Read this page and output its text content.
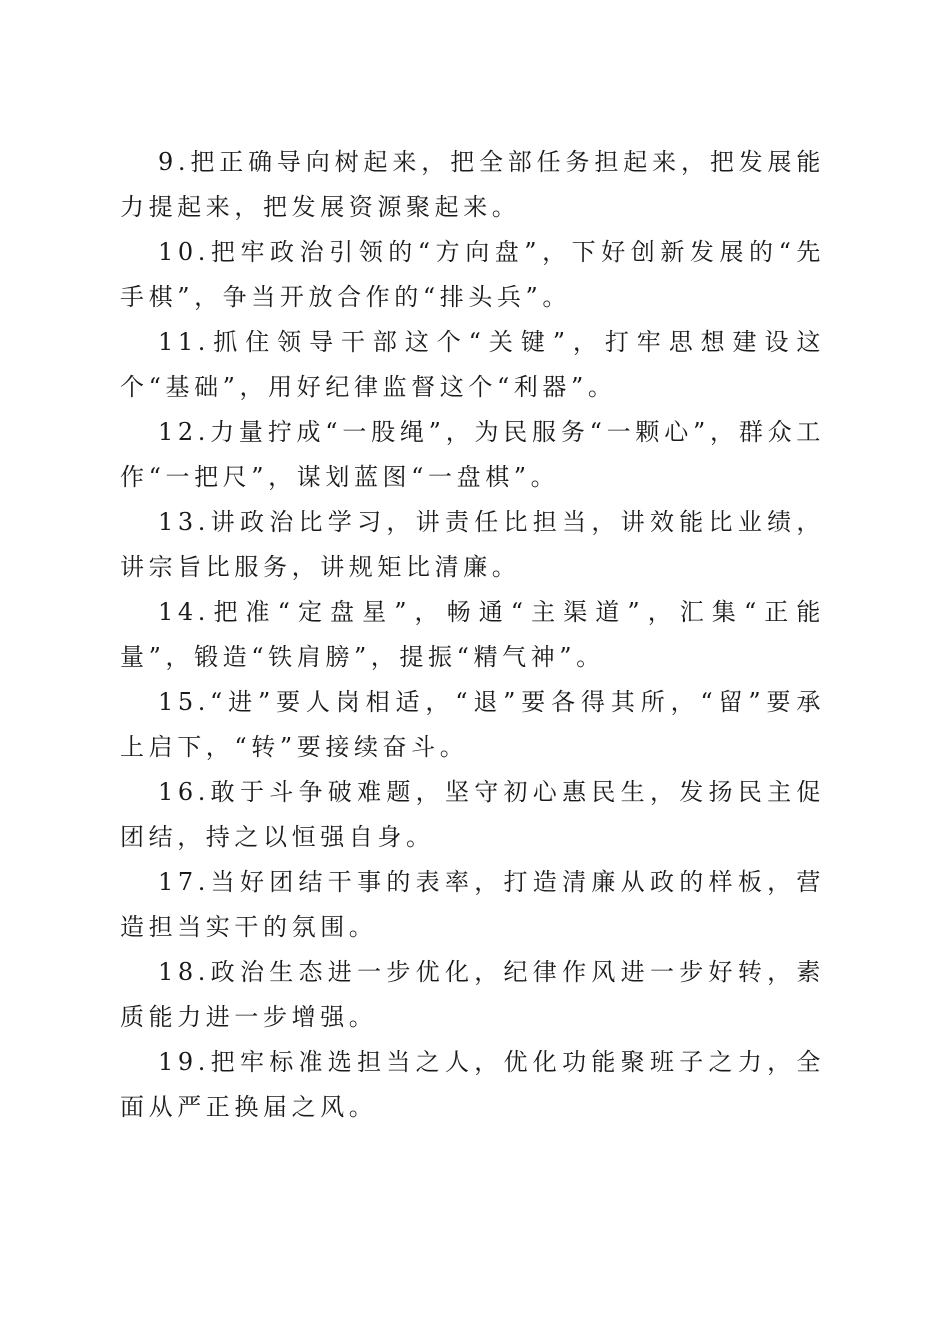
9.把正确导向树起来，把全部任务担起来，把发展能力提起来，把发展资源聚起来。

10.把牢政治引领的“方向盘”，下好创新发展的“先手棋”，争当开放合作的“排头兵”。

11.抓住领导干部这个“关键”，打牢思想建设这个“基础”，用好纪律监督这个“利器”。

12.力量拧成“一股绳”，为民服务“一颗心”，群众工作“一把尺”，谋划蓝图“一盘棋”。

13.讲政治比学习，讲责任比担当，讲效能比业绩，讲宗旨比服务，讲规矩比清廉。

14.把准“定盘星”，畅通“主渠道”，汇集“正能量”，锻造“铁肩膀”，提振“精气神”。

15.“进”要人岗相适，“退”要各得其所，“留”要承上启下，“转”要接续奋斗。

16.敢于斗争破难题，坚守初心惠民生，发扬民主促团结，持之以恒强自身。

17.当好团结干事的表率，打造清廉从政的样板，营造担当实干的氛围。

18.政治生态进一步优化，纪律作风进一步好转，素质能力进一步增强。

19.把牢标准选担当之人，优化功能聚班子之力，全面从严正换届之风。
